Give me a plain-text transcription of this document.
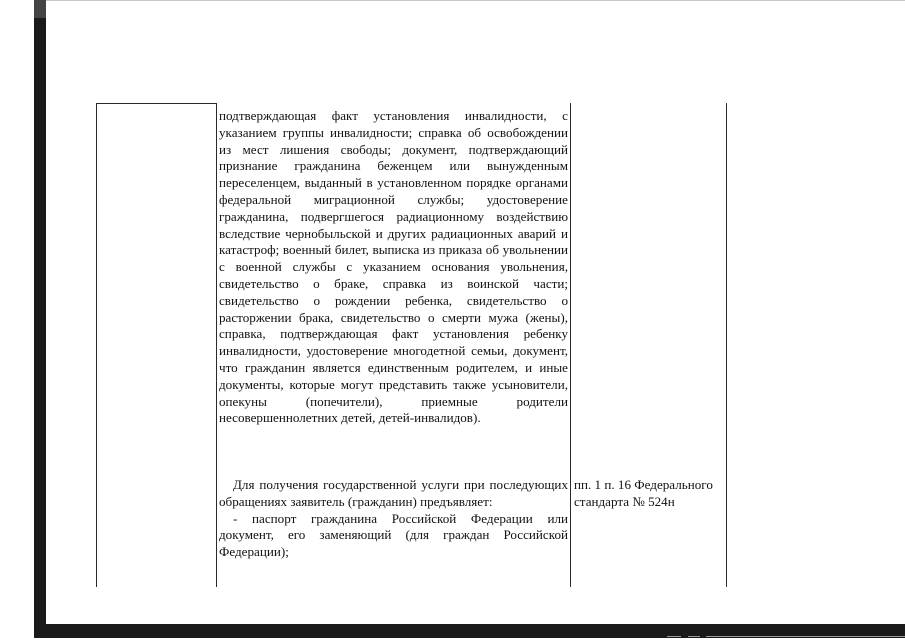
подтверждающая факт установления инвалидности, с указанием группы инвалидности; справка об освобождении из мест лишения свободы; документ, подтверждающий признание гражданина беженцем или вынужденным переселенцем, выданный в установленном порядке органами федеральной миграционной службы; удостоверение гражданина, подвергшегося радиационному воздействию вследствие чернобыльской и других радиационных аварий и катастроф; военный билет, выписка из приказа об увольнении с военной службы с указанием основания увольнения, свидетельство о браке, справка из воинской части; свидетельство о рождении ребенка, свидетельство о расторжении брака, свидетельство о смерти мужа (жены), справка, подтверждающая факт установления ребенку инвалидности, удостоверение многодетной семьи, документ, что гражданин является единственным родителем, и иные документы, которые могут представить также усыновители, опекуны (попечители), приемные родители несовершеннолетних детей, детей-инвалидов).

Для получения государственной услуги при последующих обращениях заявитель (гражданин) предъявляет:

- паспорт гражданина Российской Федерации или документ, его заменяющий (для граждан Российской Федерации);

пп. 1 п. 16 Федерального стандарта № 524н
